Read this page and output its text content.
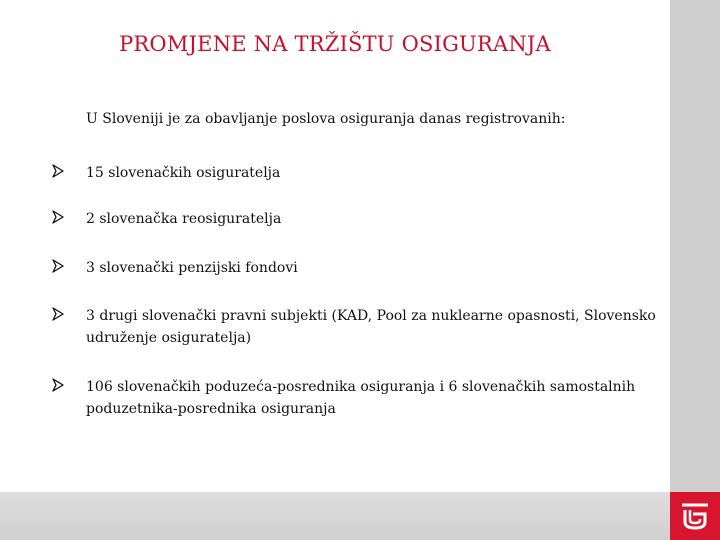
PROMJENE NA TRŽIŠTU OSIGURANJA

U Sloveniji je za obavljanje poslova osiguranja danas registrovanih:

15 slovenačkih osiguratelja
2 slovenačka reosiguratelja
3 slovenački penzijski fondovi
3 drugi slovenački pravni subjekti (KAD, Pool za nuklearne opasnosti, Slovensko udruženje osiguratelja)
106 slovenačkih poduzeća-posrednika osiguranja i 6 slovenačkih samostalnih poduzetnika-posrednika osiguranja
